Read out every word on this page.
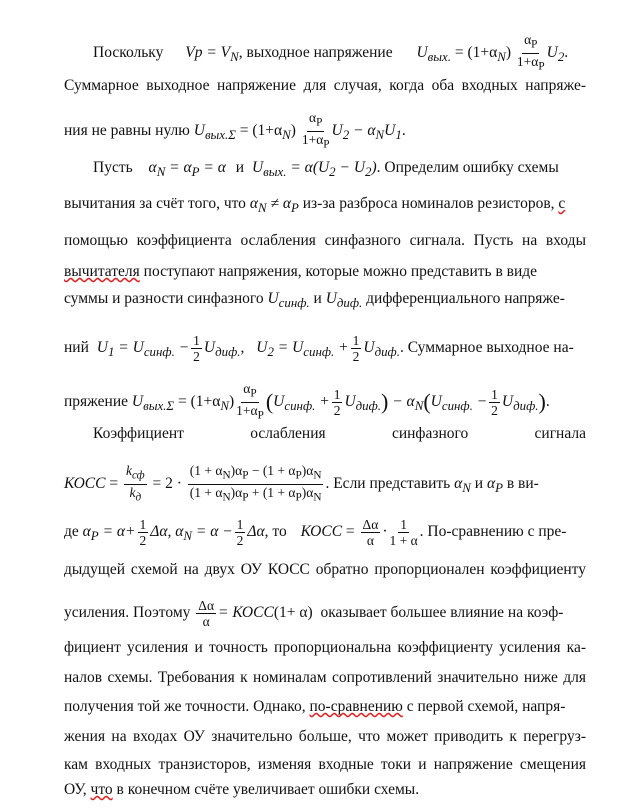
Поскольку $Vp = V_N$, выходное напряжение $U_{вых.} = (1+\alpha_N) \frac{\alpha_P}{1+\alpha_P} U_2$.
Суммарное выходное напряжение для случая, когда оба входных напряже-
ния не равны нулю $U_{вых.\Sigma} = (1+\alpha_N) \frac{\alpha_P}{1+\alpha_P} U_2 - \alpha_NU_1$.
Пусть $\alpha_N = \alpha_P = \alpha$ и $U_{вых.} = \alpha(U_2 - U_2)$. Определим ошибку схемы
вычитания за счёт того, что $\alpha_N \ne \alpha_P$ из-за разброса номиналов резисторов, с
помощью коэффициента ослабления синфазного сигнала. Пусть на входы
вычитателя поступают напряжения, которые можно представить в виде
суммы и разности синфазного $U_{синф.}$ и $U_{диф.}$ дифференциального напряже-
ний $U_1 = U_{синф.} - \frac{1}{2} U_{диф.}$, $U_2 = U_{синф.} + \frac{1}{2} U_{диф.}$. Суммарное выходное на-
пряжение $U_{вых.\Sigma} = (1+\alpha_N) \frac{\alpha_P}{1+\alpha_P} (U_{синф.} + \frac{1}{2} U_{диф.}) - \alpha_N(U_{синф.} - \frac{1}{2} U_{диф.})$.
Коэффициент	ослабления	синфазного	сигнала
КОСС = $\frac{k_{сф}}{k_д} = 2 \cdot \frac{(1 + \alpha_N)\alpha_P - (1 + \alpha_P)\alpha_N}{(1 + \alpha_N)\alpha_P + (1 + \alpha_P)\alpha_N}$ . Если представить $\alpha_N$ и $\alpha_P$ в ви-
де $\alpha_P = \alpha+ \frac{1}{2} \Delta\alpha$, $\alpha_N = \alpha - \frac{1}{2} \Delta\alpha$, то КОСС = $\frac{\Delta\alpha}{\alpha} \cdot \frac{1}{1 + \alpha}$ . По-сравнению с пре-
дыдущей схемой на двух ОУ КОСС обратно пропорционален коэффициенту
усиления. Поэтому $\frac{\Delta\alpha}{\alpha}$ = КОСС(1+ α) оказывает большее влияние на коэф-
фициент усиления и точность пропорциональна коэффициенту усиления ка-
налов схемы. Требования к номиналам сопротивлений значительно ниже для
получения той же точности. Однако, по-сравнению с первой схемой, напря-
жения на входах ОУ значительно больше, что может приводить к перегруз-
кам входных транзисторов, изменяя входные токи и напряжение смещения
ОУ, что в конечном счёте увеличивает ошибки схемы.
